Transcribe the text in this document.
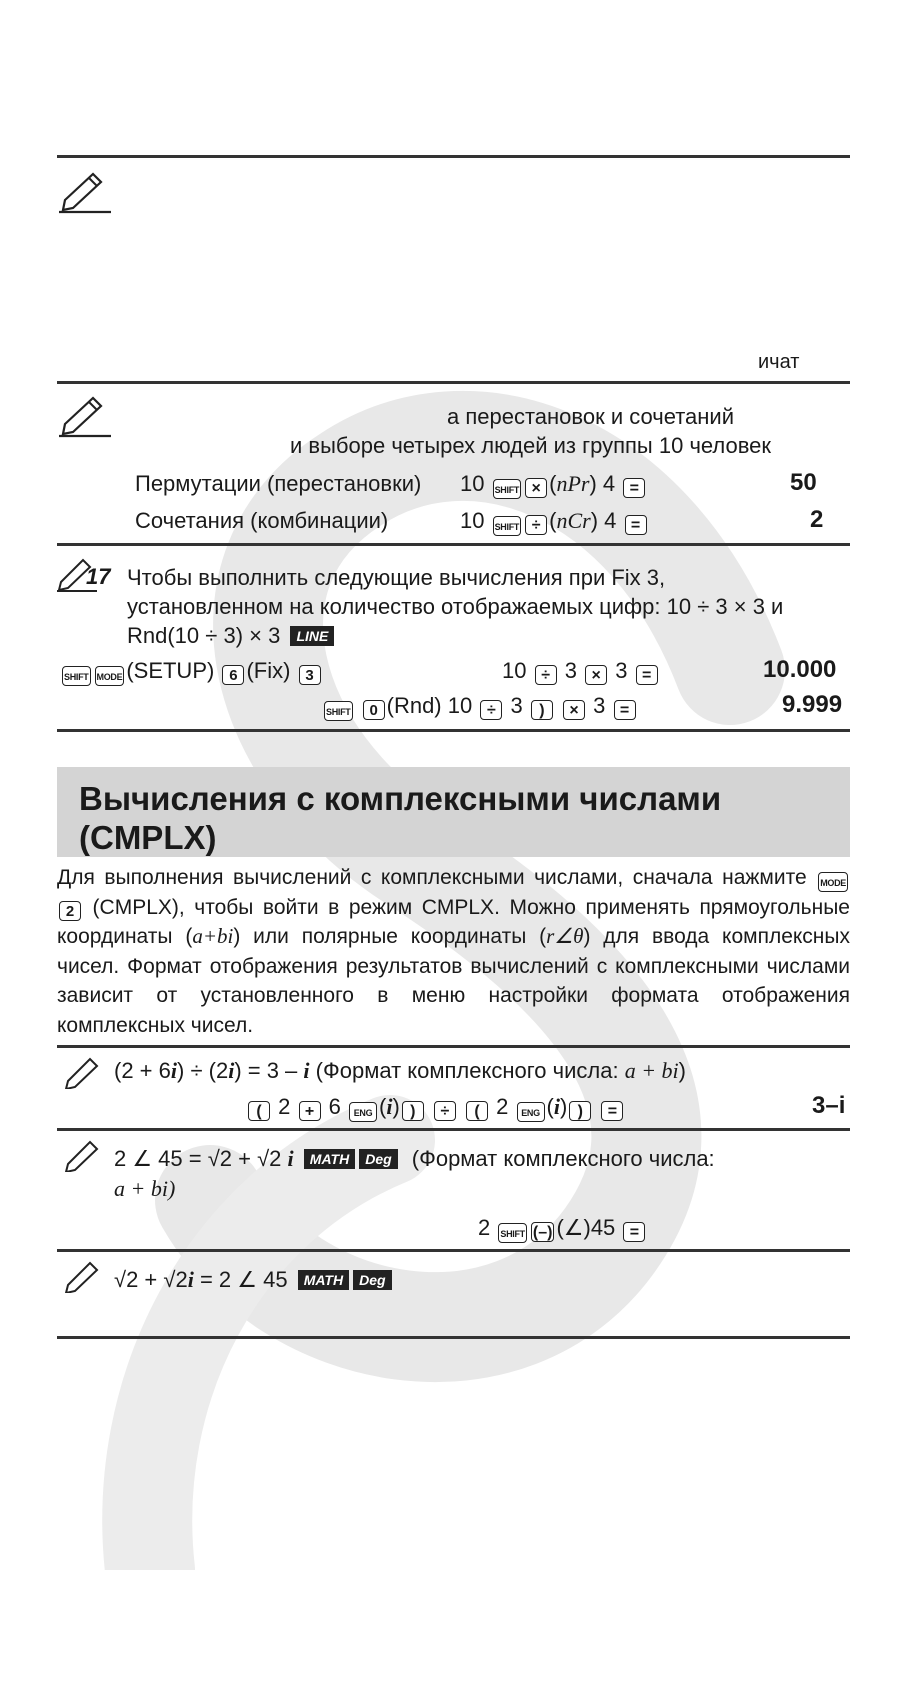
ичат
а перестановок и сочетаний
и выборе четырех людей из группы 10 человек
Пермутации (перестановки) 10 SHIFT × (nPr) 4 =	50
Сочетания (комбинации)	10 SHIFT ÷ (nCr) 4 =	2
17 Чтобы выполнить следующие вычисления при Fix 3,
установленном на количество отображаемых цифр: 10 ÷ 3 × 3 и
Rnd(10 ÷ 3) × 3 LINE
SHIFT MODE (SETUP) 6 (Fix) 3	10 ÷ 3 × 3 =	10.000
SHIFT 0 (Rnd) 10 ÷ 3 ) × 3 =	9.999
Вычисления с комплексными числами (CMPLX)

Для выполнения вычислений с комплексными числами, сначала нажмите MODE 2 (CMPLX), чтобы войти в режим CMPLX. Можно применять прямоугольные координаты (a+bi) или полярные координаты (r∠θ) для ввода комплексных чисел. Формат отображения результатов вычислений с комплексными числами зависит от установленного в меню настройки формата отображения комплексных чисел.

(2 + 6i) ÷ (2i) = 3 – i (Формат комплексного числа: a + bi)
( 2 + 6 ENG (i) ) ÷ ( 2 ENG (i) ) =	3–i
2 ∠ 45 = √2 + √2 i MATH Deg (Формат комплексного числа:
a + bi)
2 SHIFT (–) (∠)45 =
√2 + √2i = 2 ∠ 45 MATH Deg
